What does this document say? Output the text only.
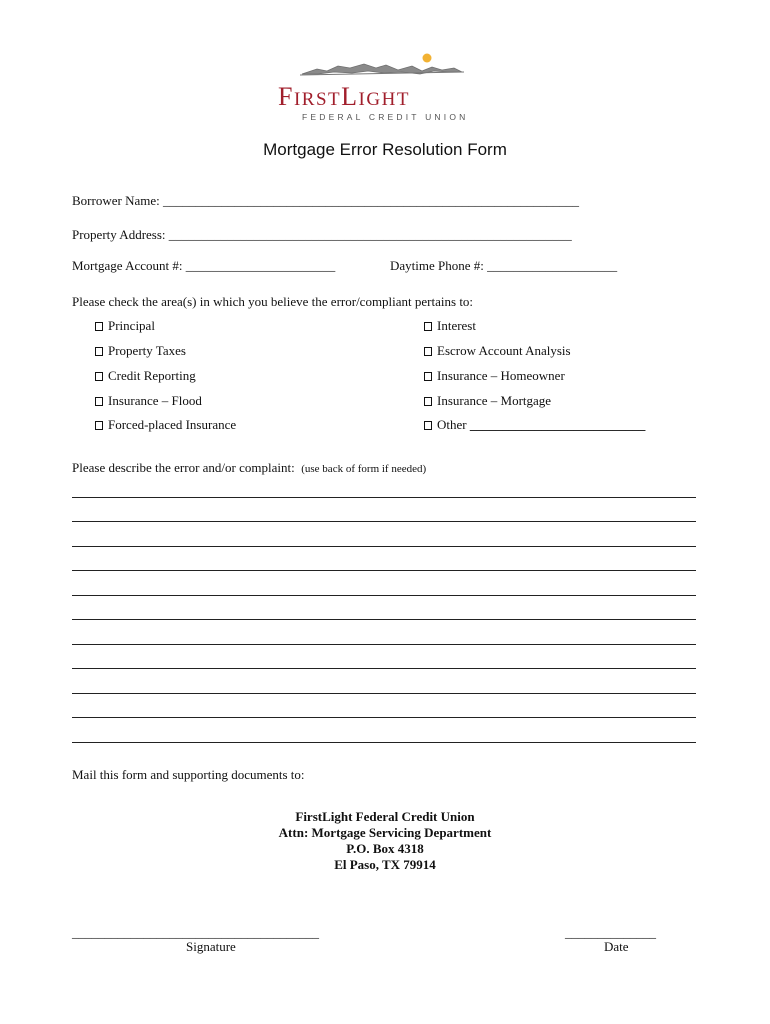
FIRSTLIGHT
FEDERAL CREDIT UNION
Mortgage Error Resolution Form
Borrower Name: ________________________________________________________________
Property Address: ______________________________________________________________
Mortgage Account #: _______________________	Daytime Phone #: ____________________
Please check the area(s) in which you believe the error/compliant pertains to:
Principal
Property Taxes
Credit Reporting
Insurance – Flood
Forced-placed Insurance
Interest
Escrow Account Analysis
Insurance – Homeowner
Insurance – Mortgage
Other ___________________________
Please describe the error and/or complaint: (use back of form if needed)
Mail this form and supporting documents to:
FirstLight Federal Credit Union
Attn: Mortgage Servicing Department
P.O. Box 4318
El Paso, TX 79914
______________________________________
Signature
______________
Date
